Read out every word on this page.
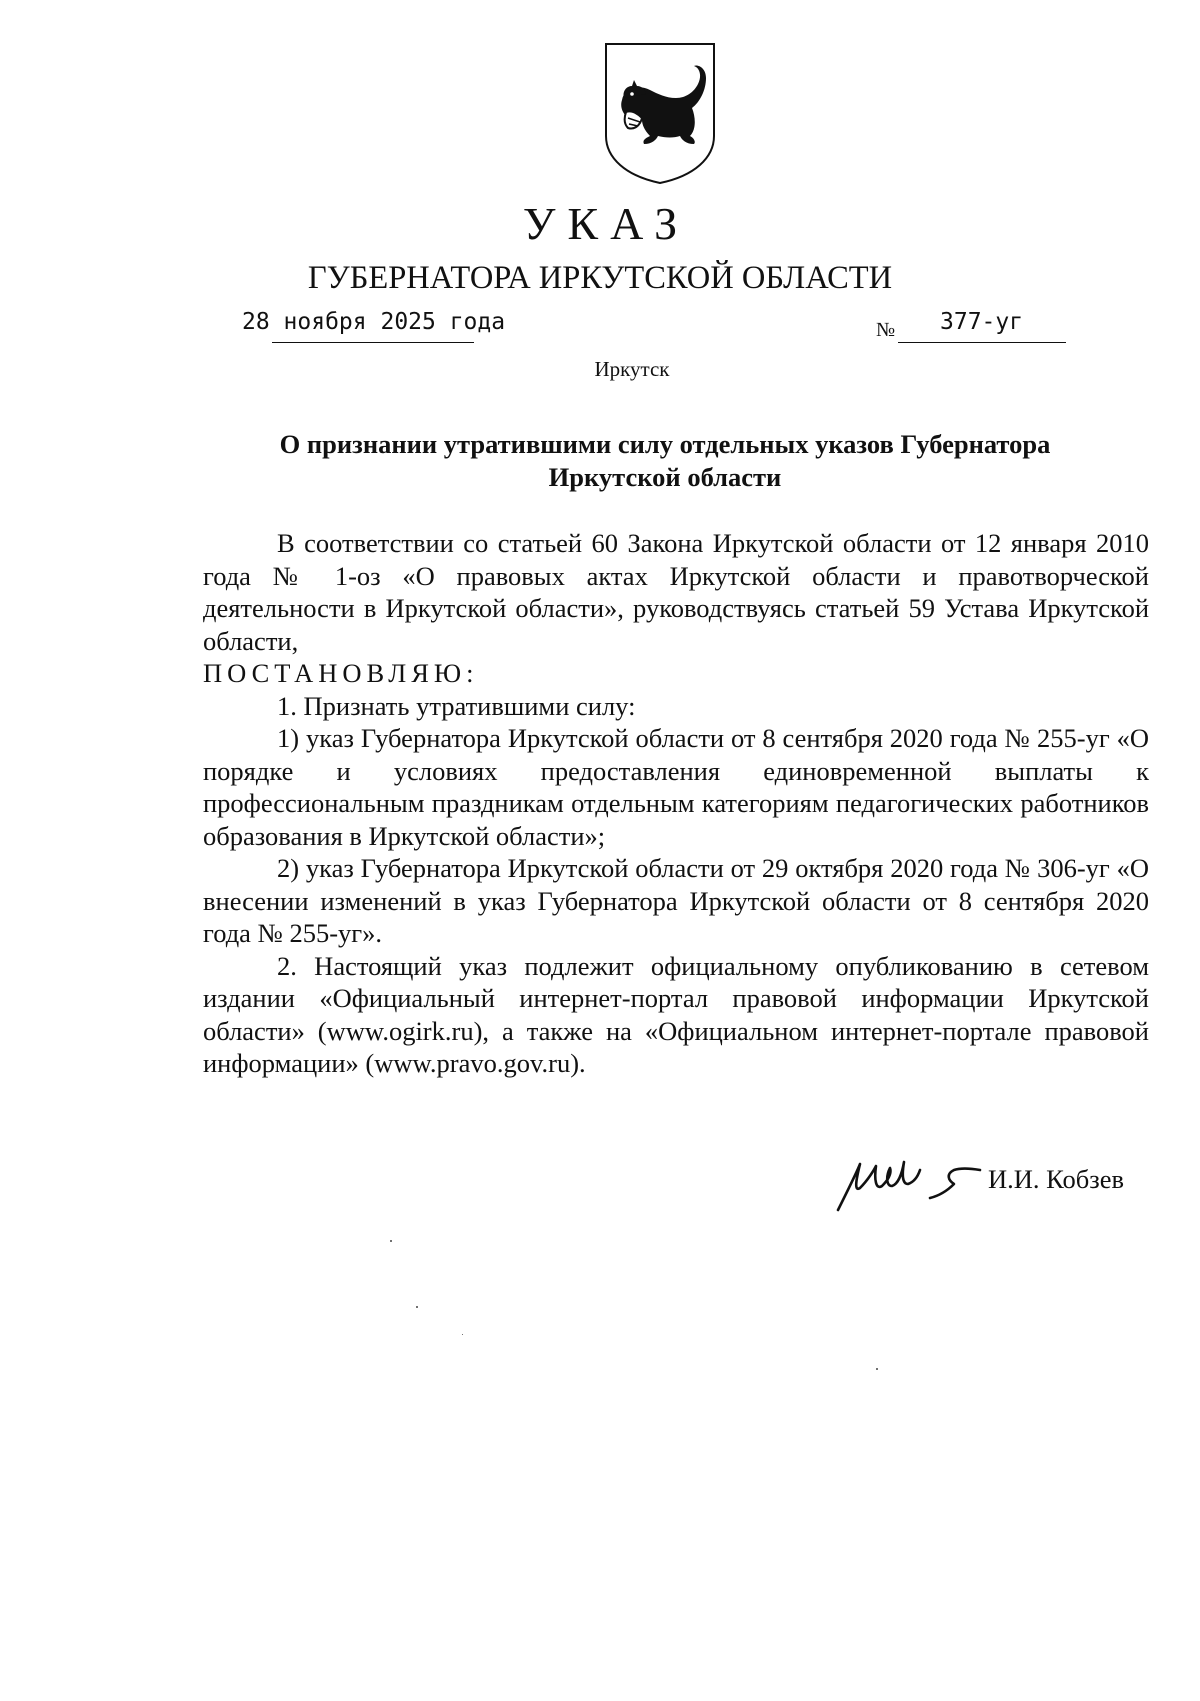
УКАЗ
ГУБЕРНАТОРА ИРКУТСКОЙ ОБЛАСТИ
28 ноября 2025 года	№ 377-уг
Иркутск
О признании утратившими силу отдельных указов Губернатора
Иркутской области

В соответствии со статьей 60 Закона Иркутской области от 12 января 2010 года № 1-оз «О правовых актах Иркутской области и правотворческой деятельности в Иркутской области», руководствуясь статьей 59 Устава Иркутской области,

ПОСТАНОВЛЯЮ:

1. Признать утратившими силу:

1) указ Губернатора Иркутской области от 8 сентября 2020 года № 255-уг «О порядке и условиях предоставления единовременной выплаты к профессиональным праздникам отдельным категориям педагогических работников образования в Иркутской области»;

2) указ Губернатора Иркутской области от 29 октября 2020 года № 306-уг «О внесении изменений в указ Губернатора Иркутской области от 8 сентября 2020 года № 255-уг».

2. Настоящий указ подлежит официальному опубликованию в сетевом издании «Официальный интернет-портал правовой информации Иркутской области» (www.ogirk.ru), а также на «Официальном интернет-портале правовой информации» (www.pravo.gov.ru).

И.И. Кобзев
